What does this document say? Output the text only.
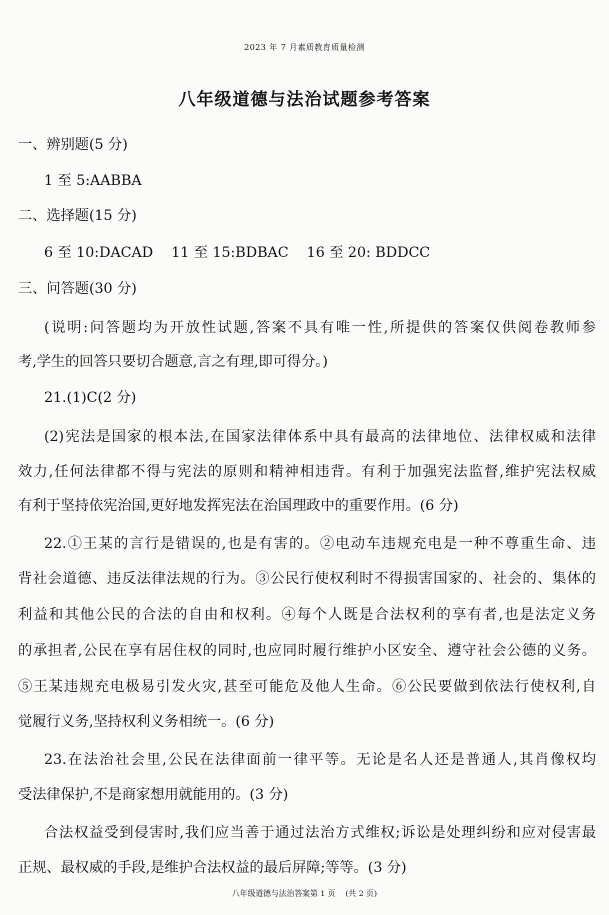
2023 年 7 月素质教育质量检测
八年级道德与法治试题参考答案
一、辨别题(5 分)
1 至 5:AABBA
二、选择题(15 分)
6 至 10:DACAD    11 至 15:BDBAC    16 至 20: BDDCC
三、问答题(30 分)
(说明:问答题均为开放性试题,答案不具有唯一性,所提供的答案仅供阅卷教师参
考,学生的回答只要切合题意,言之有理,即可得分。)
21.(1)C(2 分)
(2)宪法是国家的根本法,在国家法律体系中具有最高的法律地位、法律权威和法律
效力,任何法律都不得与宪法的原则和精神相违背。有利于加强宪法监督,维护宪法权威
有利于坚持依宪治国,更好地发挥宪法在治国理政中的重要作用。(6 分)
22.①王某的言行是错误的,也是有害的。②电动车违规充电是一种不尊重生命、违
背社会道德、违反法律法规的行为。③公民行使权利时不得损害国家的、社会的、集体的
利益和其他公民的合法的自由和权利。④每个人既是合法权利的享有者,也是法定义务
的承担者,公民在享有居住权的同时,也应同时履行维护小区安全、遵守社会公德的义务。
⑤王某违规充电极易引发火灾,甚至可能危及他人生命。⑥公民要做到依法行使权利,自
觉履行义务,坚持权利义务相统一。(6 分)
23.在法治社会里,公民在法律面前一律平等。无论是名人还是普通人,其肖像权均
受法律保护,不是商家想用就能用的。(3 分)
合法权益受到侵害时,我们应当善于通过法治方式维权;诉讼是处理纠纷和应对侵害最
正规、最权威的手段,是维护合法权益的最后屏障;等等。(3 分)
八年级道德与法治答案第 1 页    (共 2 页)
